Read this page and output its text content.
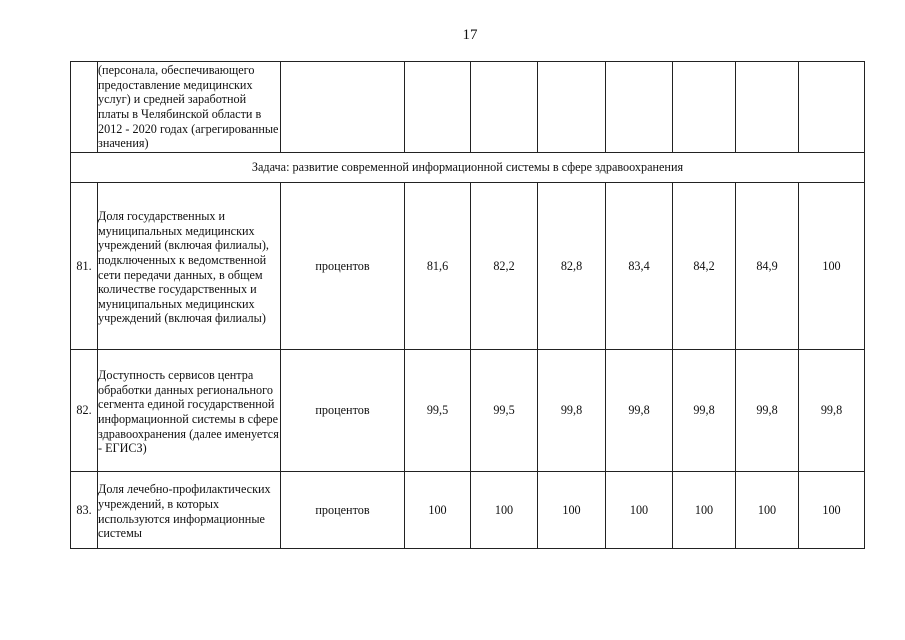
17
	(персонала, обеспечивающего предоставление медицинских услуг) и средней заработной платы в Челябинской области в 2012 - 2020 годах (агрегированные значения)								
Задача: развитие современной информационной системы в сфере здравоохранения									
81.	Доля государственных и муниципальных медицинских учреждений (включая филиалы), подключенных к ведомственной сети передачи данных, в общем количестве государственных и муниципальных медицинских учреждений (включая филиалы)	процентов	81,6	82,2	82,8	83,4	84,2	84,9	100
82.	Доступность сервисов центра обработки данных регионального сегмента единой государственной информационной системы в сфере здравоохранения (далее именуется - ЕГИСЗ)	процентов	99,5	99,5	99,8	99,8	99,8	99,8	99,8
83.	Доля лечебно-профилактических учреждений, в которых используются информационные системы	процентов	100	100	100	100	100	100	100
